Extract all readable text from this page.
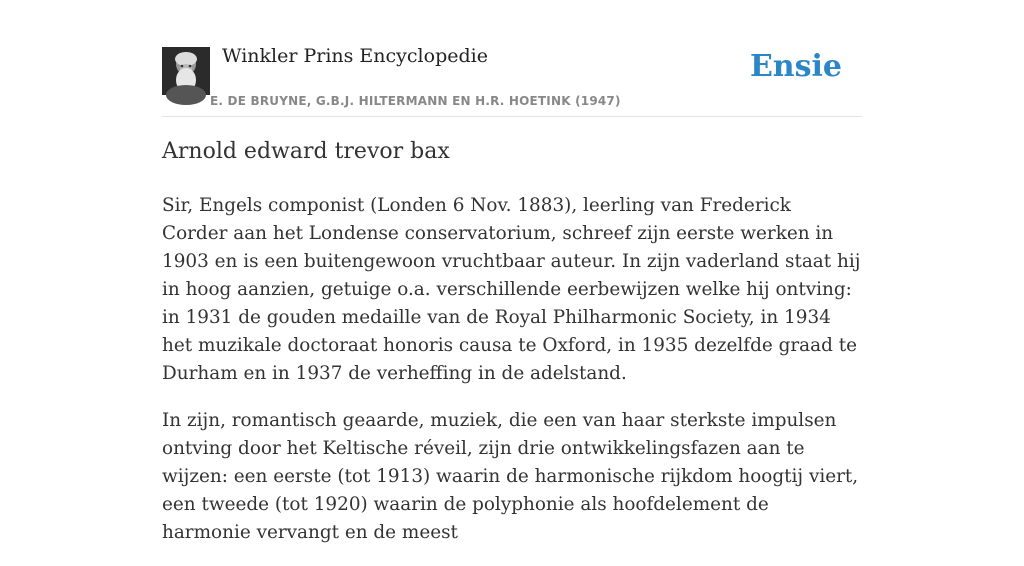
Winkler Prins Encyclopedie
E. DE BRUYNE, G.B.J. HILTERMANN EN H.R. HOETINK (1947)
Ensie
Arnold edward trevor bax

Sir, Engels componist (Londen 6 Nov. 1883), leerling van Frederick Corder aan het Londense conservatorium, schreef zijn eerste werken in 1903 en is een buitengewoon vruchtbaar auteur. In zijn vaderland staat hij in hoog aanzien, getuige o.a. verschillende eerbewijzen welke hij ontving: in 1931 de gouden medaille van de Royal Philharmonic Society, in 1934 het muzikale doctoraat honoris causa te Oxford, in 1935 dezelfde graad te Durham en in 1937 de verheffing in de adelstand.

In zijn, romantisch geaarde, muziek, die een van haar sterkste impulsen ontving door het Keltische réveil, zijn drie ontwikkelingsfazen aan te wijzen: een eerste (tot 1913) waarin de harmonische rijkdom hoogtij viert, een tweede (tot 1920) waarin de polyphonie als hoofdelement de harmonie vervangt en de meest
